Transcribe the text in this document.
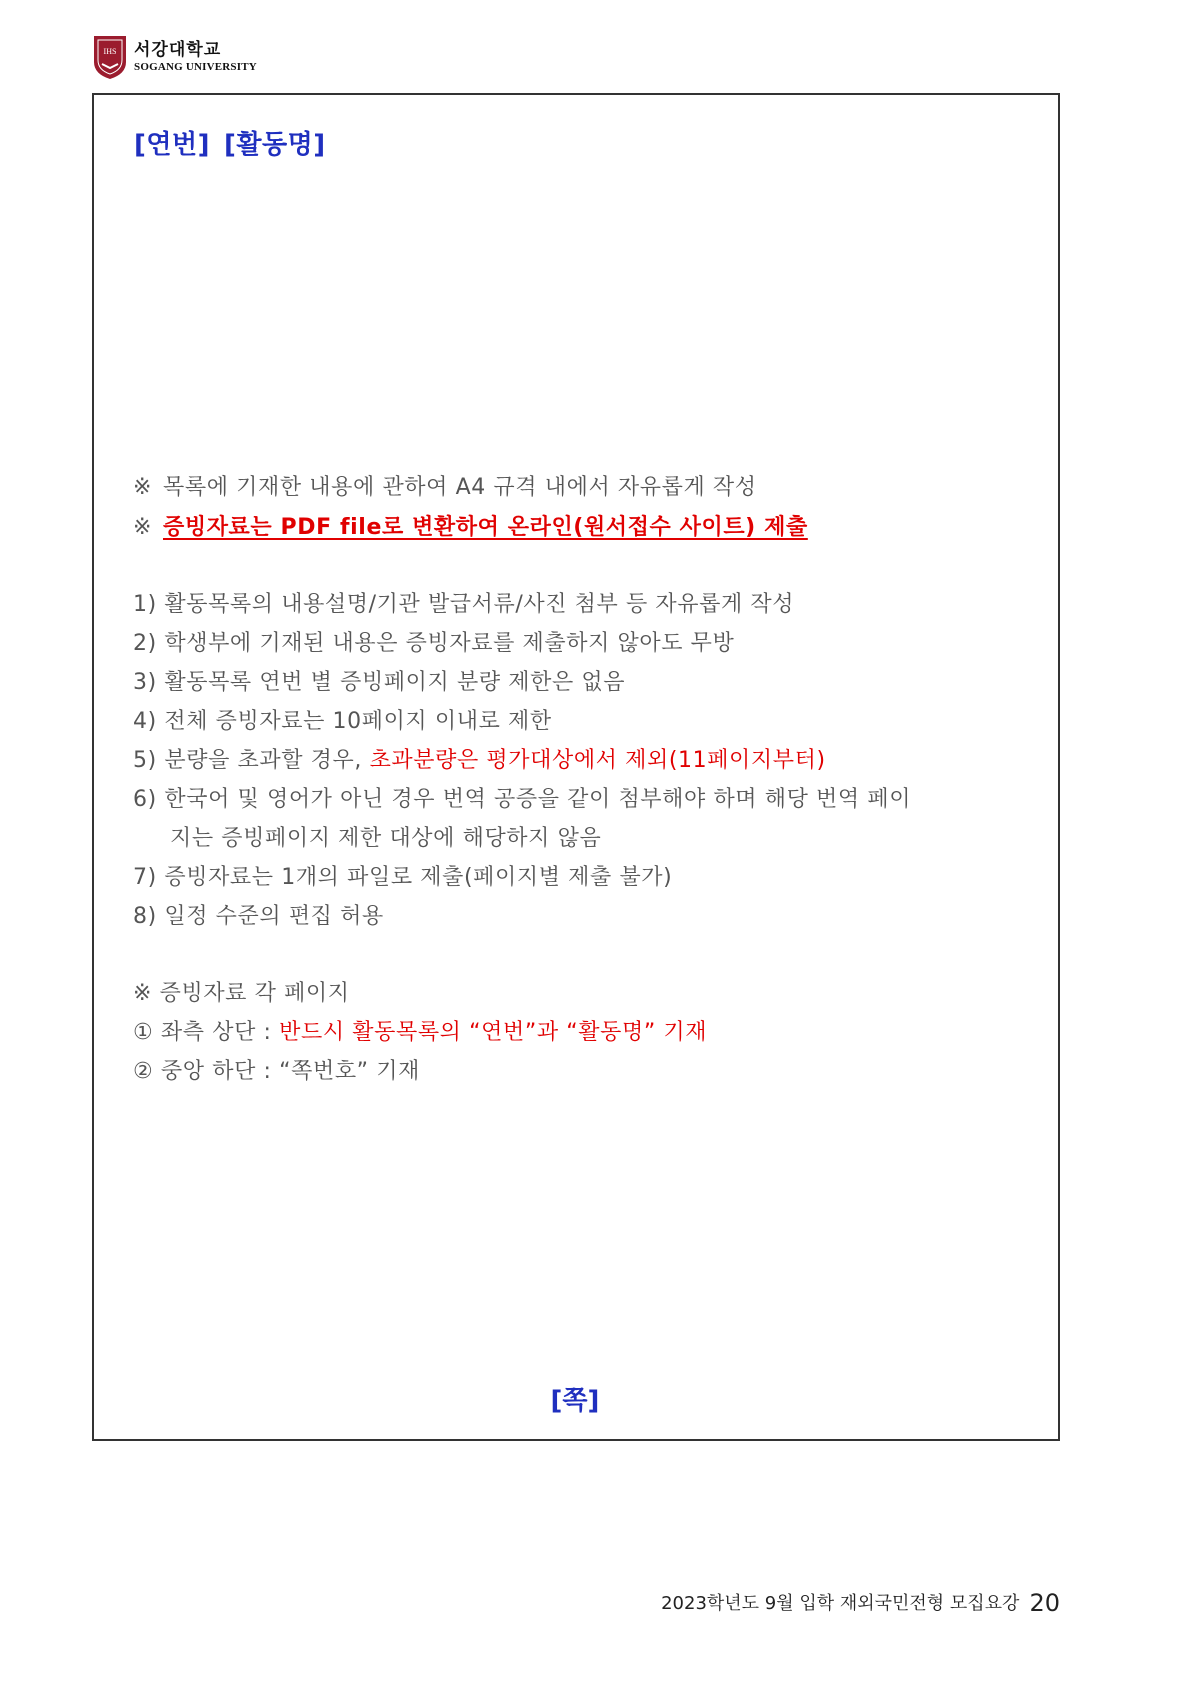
IHS 서강대학교
SOGANG UNIVERSITY
[연번] [활동명]
※ 목록에 기재한 내용에 관하여 A4 규격 내에서 자유롭게 작성
※ 증빙자료는 PDF file로 변환하여 온라인(원서접수 사이트) 제출
1) 활동목록의 내용설명/기관 발급서류/사진 첨부 등 자유롭게 작성
2) 학생부에 기재된 내용은 증빙자료를 제출하지 않아도 무방
3) 활동목록 연번 별 증빙페이지 분량 제한은 없음
4) 전체 증빙자료는 10페이지 이내로 제한
5) 분량을 초과할 경우, 초과분량은 평가대상에서 제외(11페이지부터)
6) 한국어 및 영어가 아닌 경우 번역 공증을 같이 첨부해야 하며 해당 번역 페이
지는 증빙페이지 제한 대상에 해당하지 않음
7) 증빙자료는 1개의 파일로 제출(페이지별 제출 불가)
8) 일정 수준의 편집 허용
※ 증빙자료 각 페이지
① 좌측 상단 : 반드시 활동목록의 “연번”과 “활동명” 기재
② 중앙 하단 : “쪽번호” 기재
[쪽]
2023학년도 9월 입학 재외국민전형 모집요강 20
